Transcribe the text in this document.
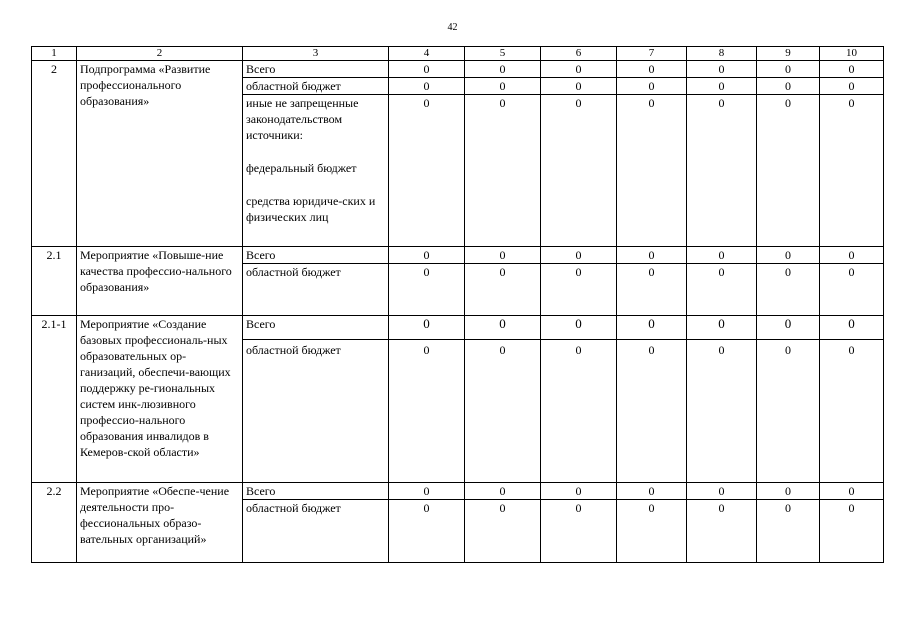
42
1	2	3	4	5	6	7	8	9	10
2	Подпрограмма «Развитие профессионального образования»	Всего	0	0	0	0	0	0	0
		областной бюджет	0	0	0	0	0	0	0

		иные не запрещенные законодательством источники:
федеральный бюджет
средства юридиче-ских и физических лиц	0	0	0	0	0	0	0
2.1	Мероприятие «Повыше-ние качества профессио-нального образования»	Всего	0	0	0	0	0	0	0
		областной бюджет	0	0	0	0	0	0	0
2.1-1	Мероприятие «Создание базовых профессиональ-ных образовательных ор-ганизаций, обеспечи-вающих поддержку ре-гиональных систем инк-люзивного профессио-нального образования инвалидов в Кемеров-ской области»	Всего	0	0	0	0	0	0	0
		областной бюджет	0	0	0	0	0	0	0
2.2	Мероприятие «Обеспе-чение деятельности про-фессиональных образо-вательных организаций»	Всего	0	0	0	0	0	0	0
		областной бюджет	0	0	0	0	0	0	0
